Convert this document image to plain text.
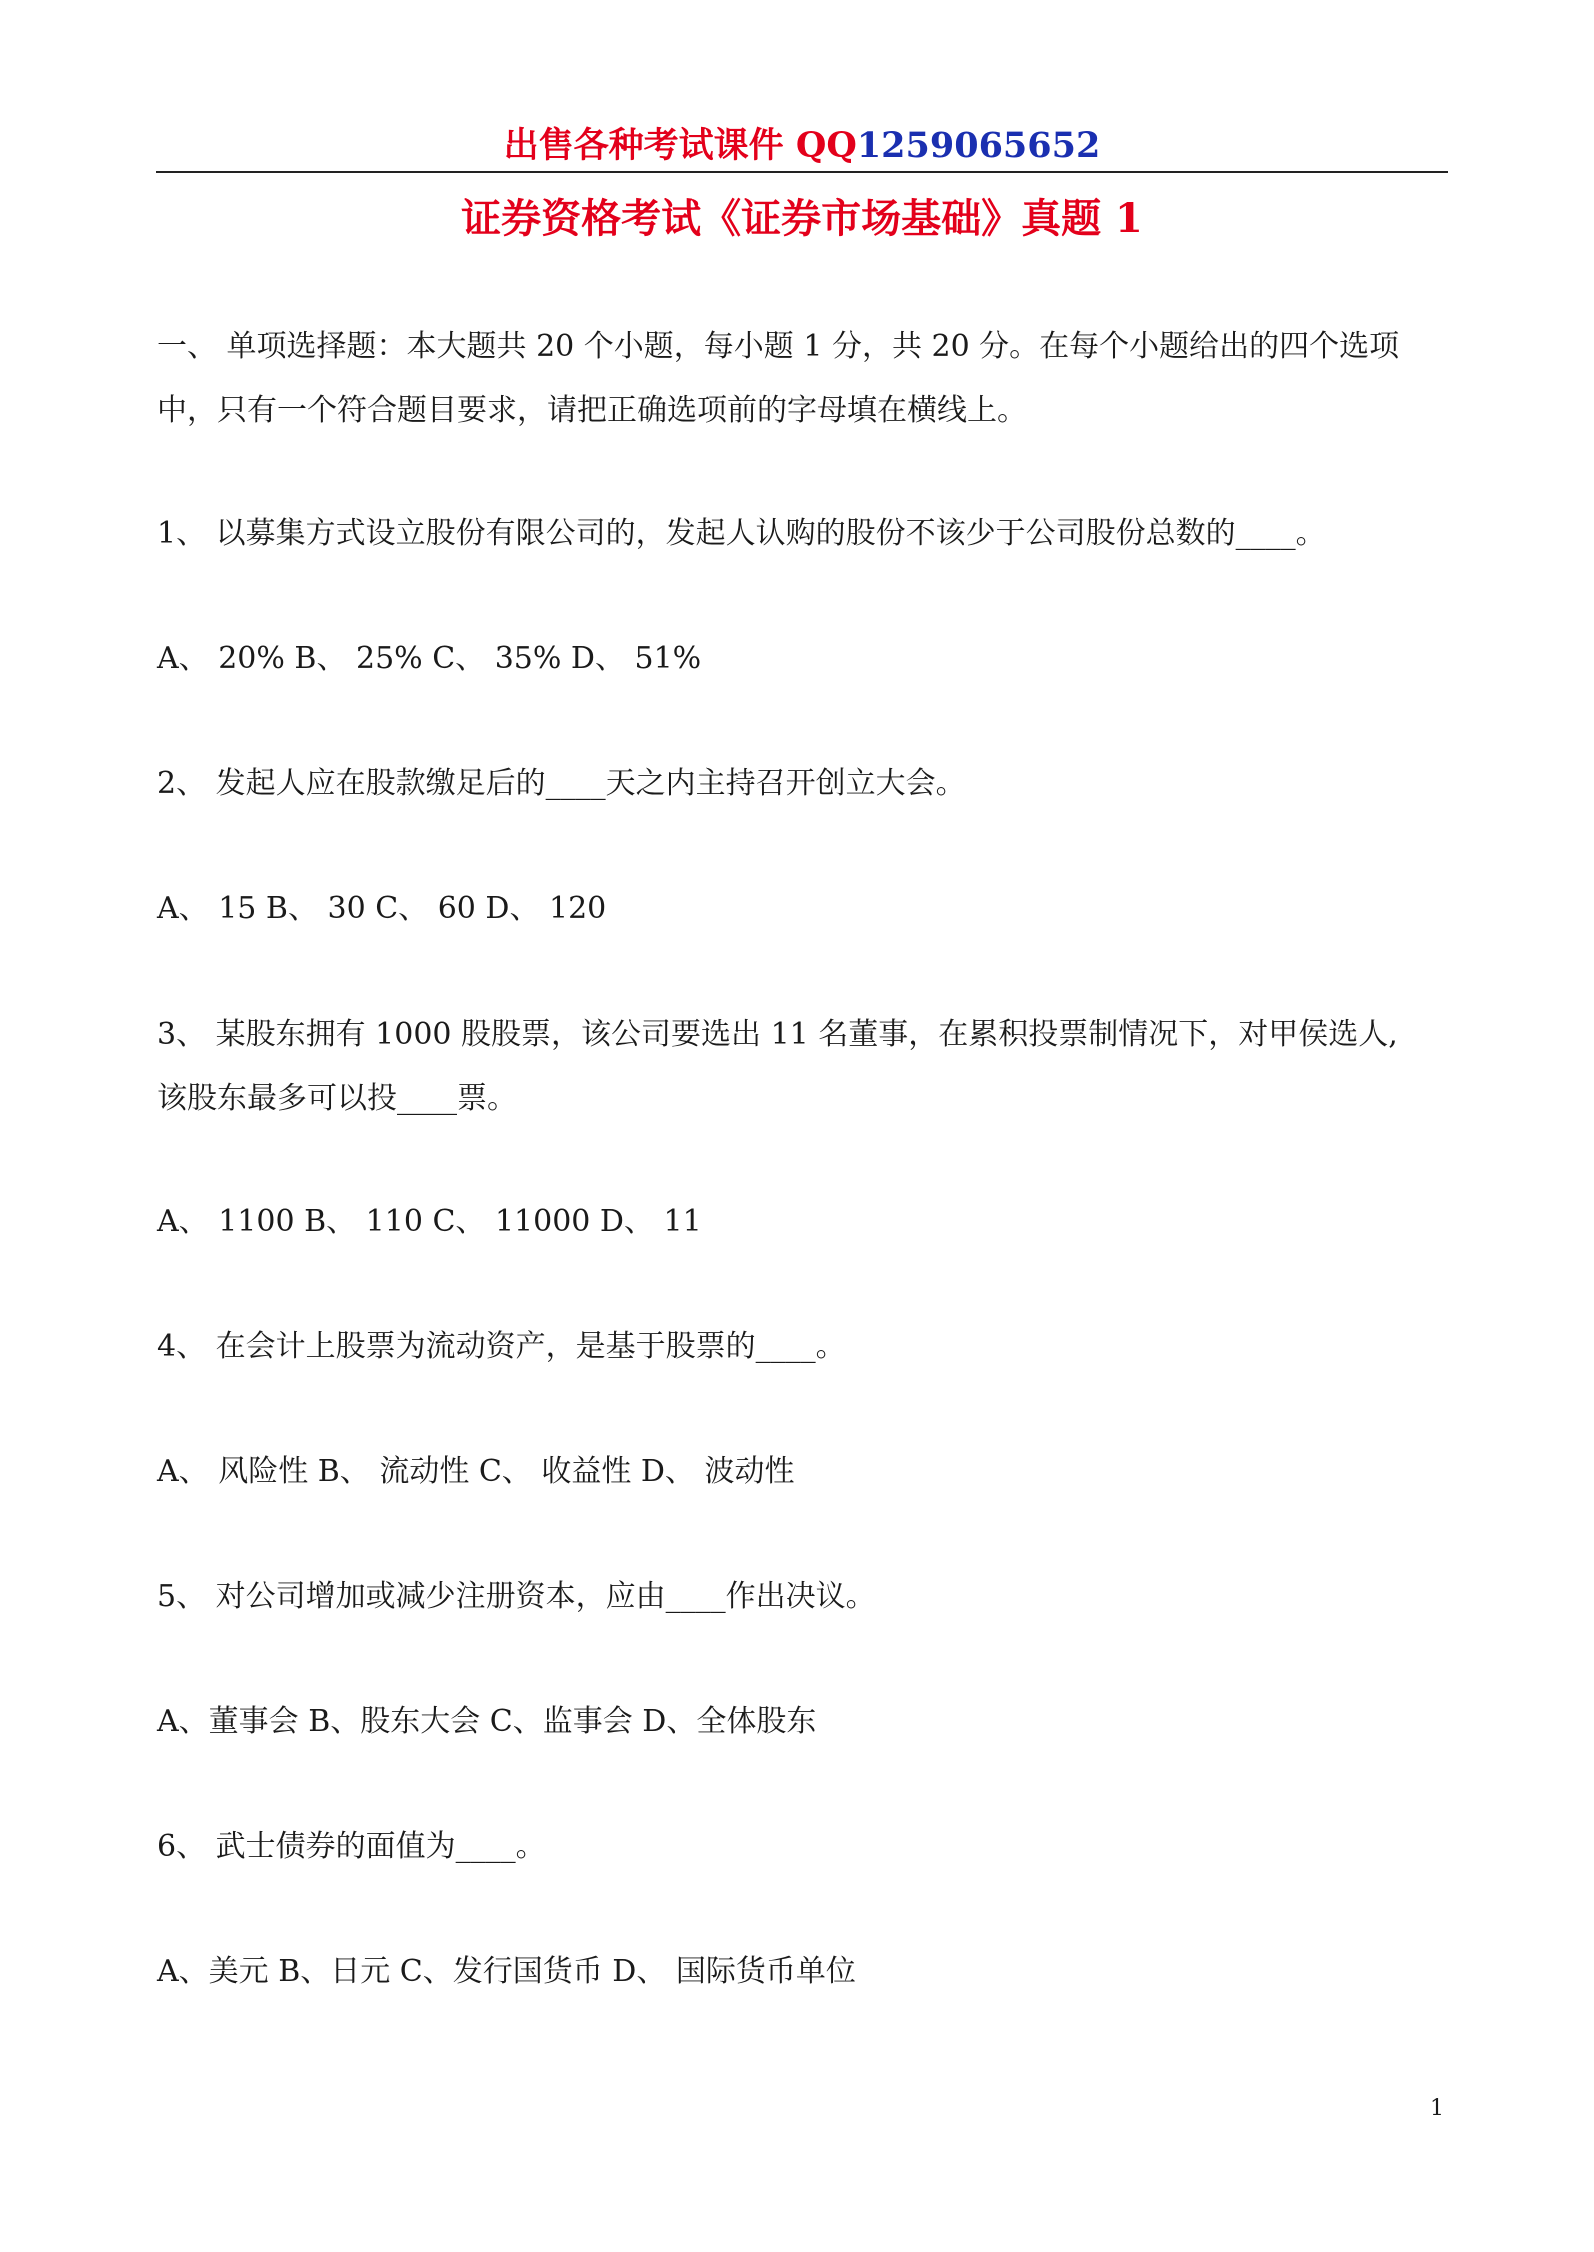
出售各种考试课件 QQ1259065652
证券资格考试《证券市场基础》真题 1
一、 单项选择题：本大题共 20 个小题，每小题 1 分，共 20 分。在每个小题给出的四个选项
中，只有一个符合题目要求，请把正确选项前的字母填在横线上。
1、 以募集方式设立股份有限公司的，发起人认购的股份不该少于公司股份总数的____。
A、 20% B、 25% C、 35% D、 51%
2、 发起人应在股款缴足后的____天之内主持召开创立大会。
A、 15 B、 30 C、 60 D、 120
3、 某股东拥有 1000 股股票，该公司要选出 11 名董事，在累积投票制情况下，对甲侯选人,
该股东最多可以投____票。
A、 1100 B、 110 C、 11000 D、 11
4、 在会计上股票为流动资产，是基于股票的____。
A、 风险性 B、 流动性 C、 收益性 D、 波动性
5、 对公司增加或减少注册资本，应由____作出决议。
A、董事会 B、股东大会 C、监事会 D、全体股东
6、 武士债券的面值为____。
A、美元 B、日元 C、发行国货币 D、 国际货币单位
1
